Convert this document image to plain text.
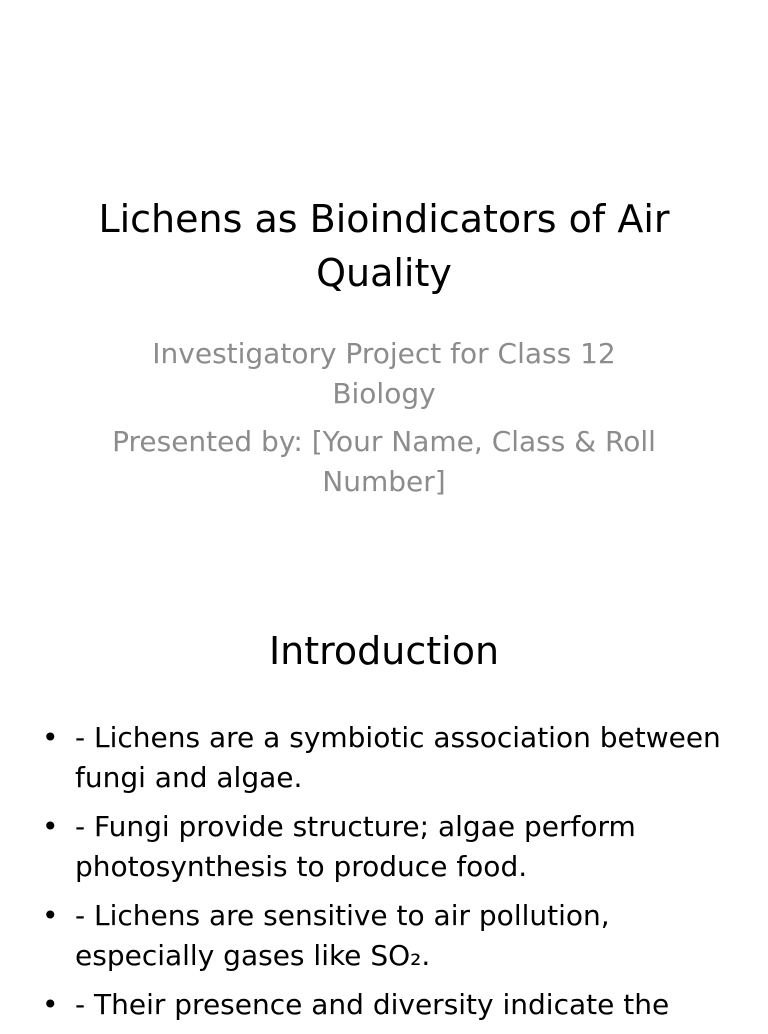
Lichens as Bioindicators of Air Quality

Investigatory Project for Class 12 Biology

Presented by: [Your Name, Class & Roll Number]

Introduction
• - Lichens are a symbiotic association between fungi and algae.
• - Fungi provide structure; algae perform photosynthesis to produce food.
• - Lichens are sensitive to air pollution, especially gases like SO₂.
• - Their presence and diversity indicate the
